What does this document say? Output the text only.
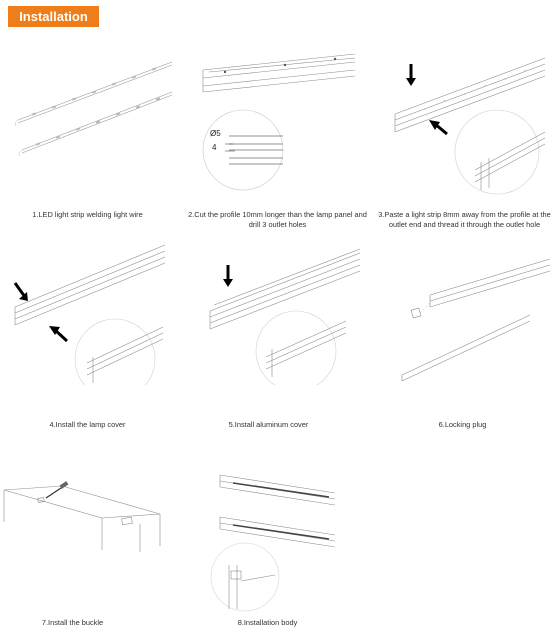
Installation
1.LED light strip welding light wire
Ø5
4
2.Cut the profile 10mm longer than the lamp panel and drill 3 outlet holes
3.Paste a light strip 8mm away from the profile at the outlet end and thread it through the outlet hole
4.Install the lamp cover	5.Install aluminum cover	6.Locking plug
7.Install the buckle	8.Installation body
